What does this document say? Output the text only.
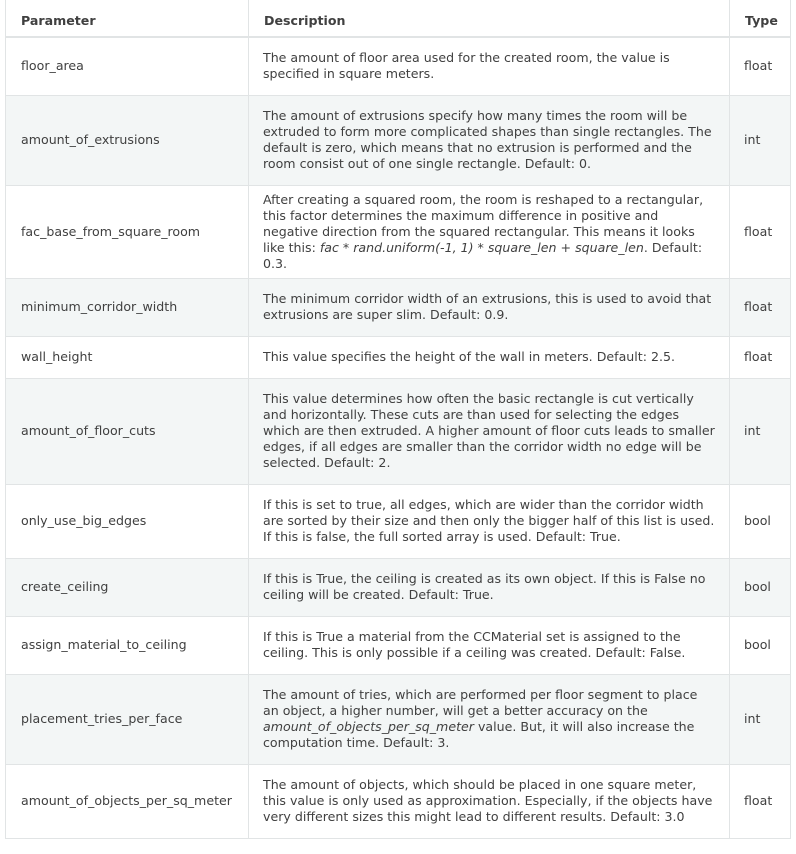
Parameter	Description	Type
floor_area	The amount of floor area used for the created room, the value is specified in square meters.	float
amount_of_extrusions	The amount of extrusions specify how many times the room will be extruded to form more complicated shapes than single rectangles. The default is zero, which means that no extrusion is performed and the room consist out of one single rectangle. Default: 0.	int
fac_base_from_square_room	After creating a squared room, the room is reshaped to a rectangular, this factor determines the maximum difference in positive and negative direction from the squared rectangular. This means it looks like this: fac * rand.uniform(-1, 1) * square_len + square_len. Default: 0.3.	float
minimum_corridor_width	The minimum corridor width of an extrusions, this is used to avoid that extrusions are super slim. Default: 0.9.	float
wall_height	This value specifies the height of the wall in meters. Default: 2.5.	float
amount_of_floor_cuts	This value determines how often the basic rectangle is cut vertically and horizontally. These cuts are than used for selecting the edges which are then extruded. A higher amount of floor cuts leads to smaller edges, if all edges are smaller than the corridor width no edge will be selected. Default: 2.	int
only_use_big_edges	If this is set to true, all edges, which are wider than the corridor width are sorted by their size and then only the bigger half of this list is used. If this is false, the full sorted array is used. Default: True.	bool
create_ceiling	If this is True, the ceiling is created as its own object. If this is False no ceiling will be created. Default: True.	bool
assign_material_to_ceiling	If this is True a material from the CCMaterial set is assigned to the ceiling. This is only possible if a ceiling was created. Default: False.	bool
placement_tries_per_face	The amount of tries, which are performed per floor segment to place an object, a higher number, will get a better accuracy on the amount_of_objects_per_sq_meter value. But, it will also increase the computation time. Default: 3.	int
amount_of_objects_per_sq_meter	The amount of objects, which should be placed in one square meter, this value is only used as approximation. Especially, if the objects have very different sizes this might lead to different results. Default: 3.0	float
